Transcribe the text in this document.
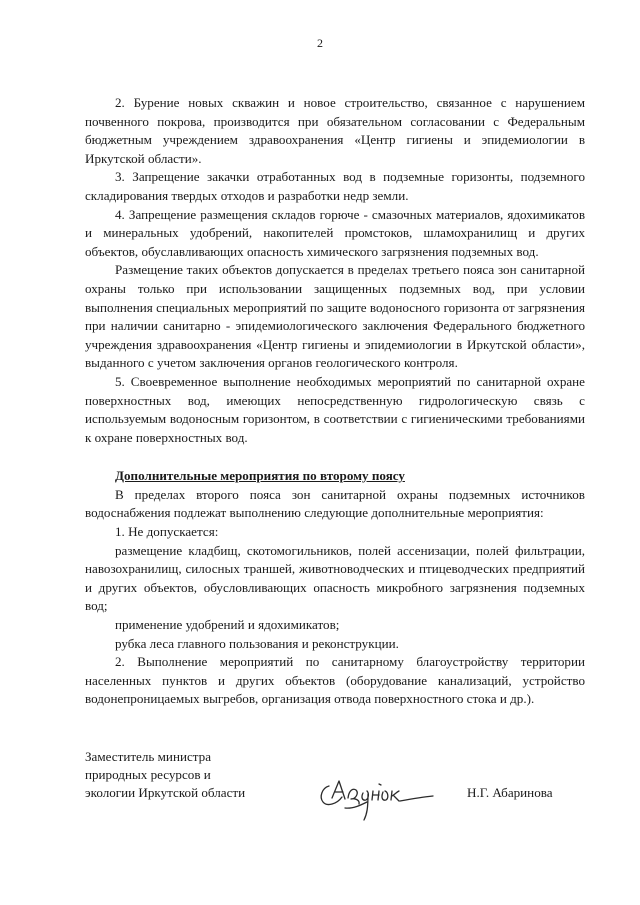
2

2. Бурение новых скважин и новое строительство, связанное с нарушением почвенного покрова, производится при обязательном согласовании с Федеральным бюджетным учреждением здравоохранения «Центр гигиены и эпидемиологии в Иркутской области».

3. Запрещение закачки отработанных вод в подземные горизонты, подземного складирования твердых отходов и разработки недр земли.

4. Запрещение размещения складов горюче - смазочных материалов, ядохимикатов и минеральных удобрений, накопителей промстоков, шламохранилищ и других объектов, обуславливающих опасность химического загрязнения подземных вод.

Размещение таких объектов допускается в пределах третьего пояса зон санитарной охраны только при использовании защищенных подземных вод, при условии выполнения специальных мероприятий по защите водоносного горизонта от загрязнения при наличии санитарно - эпидемиологического заключения Федерального бюджетного учреждения здравоохранения «Центр гигиены и эпидемиологии в Иркутской области», выданного с учетом заключения органов геологического контроля.

5. Своевременное выполнение необходимых мероприятий по санитарной охране поверхностных вод, имеющих непосредственную гидрологическую связь с используемым водоносным горизонтом, в соответствии с гигиеническими требованиями к охране поверхностных вод.

Дополнительные мероприятия по второму поясу

В пределах второго пояса зон санитарной охраны подземных источников водоснабжения подлежат выполнению следующие дополнительные мероприятия:

1. Не допускается:

размещение кладбищ, скотомогильников, полей ассенизации, полей фильтрации, навозохранилищ, силосных траншей, животноводческих и птицеводческих предприятий и других объектов, обусловливающих опасность микробного загрязнения подземных вод;

применение удобрений и ядохимикатов;

рубка леса главного пользования и реконструкции.

2. Выполнение мероприятий по санитарному благоустройству территории населенных пунктов и других объектов (оборудование канализаций, устройство водонепроницаемых выгребов, организация отвода поверхностного стока и др.).

Заместитель министра
природных ресурсов и
экологии Иркутской области	Н.Г. Абаринова
